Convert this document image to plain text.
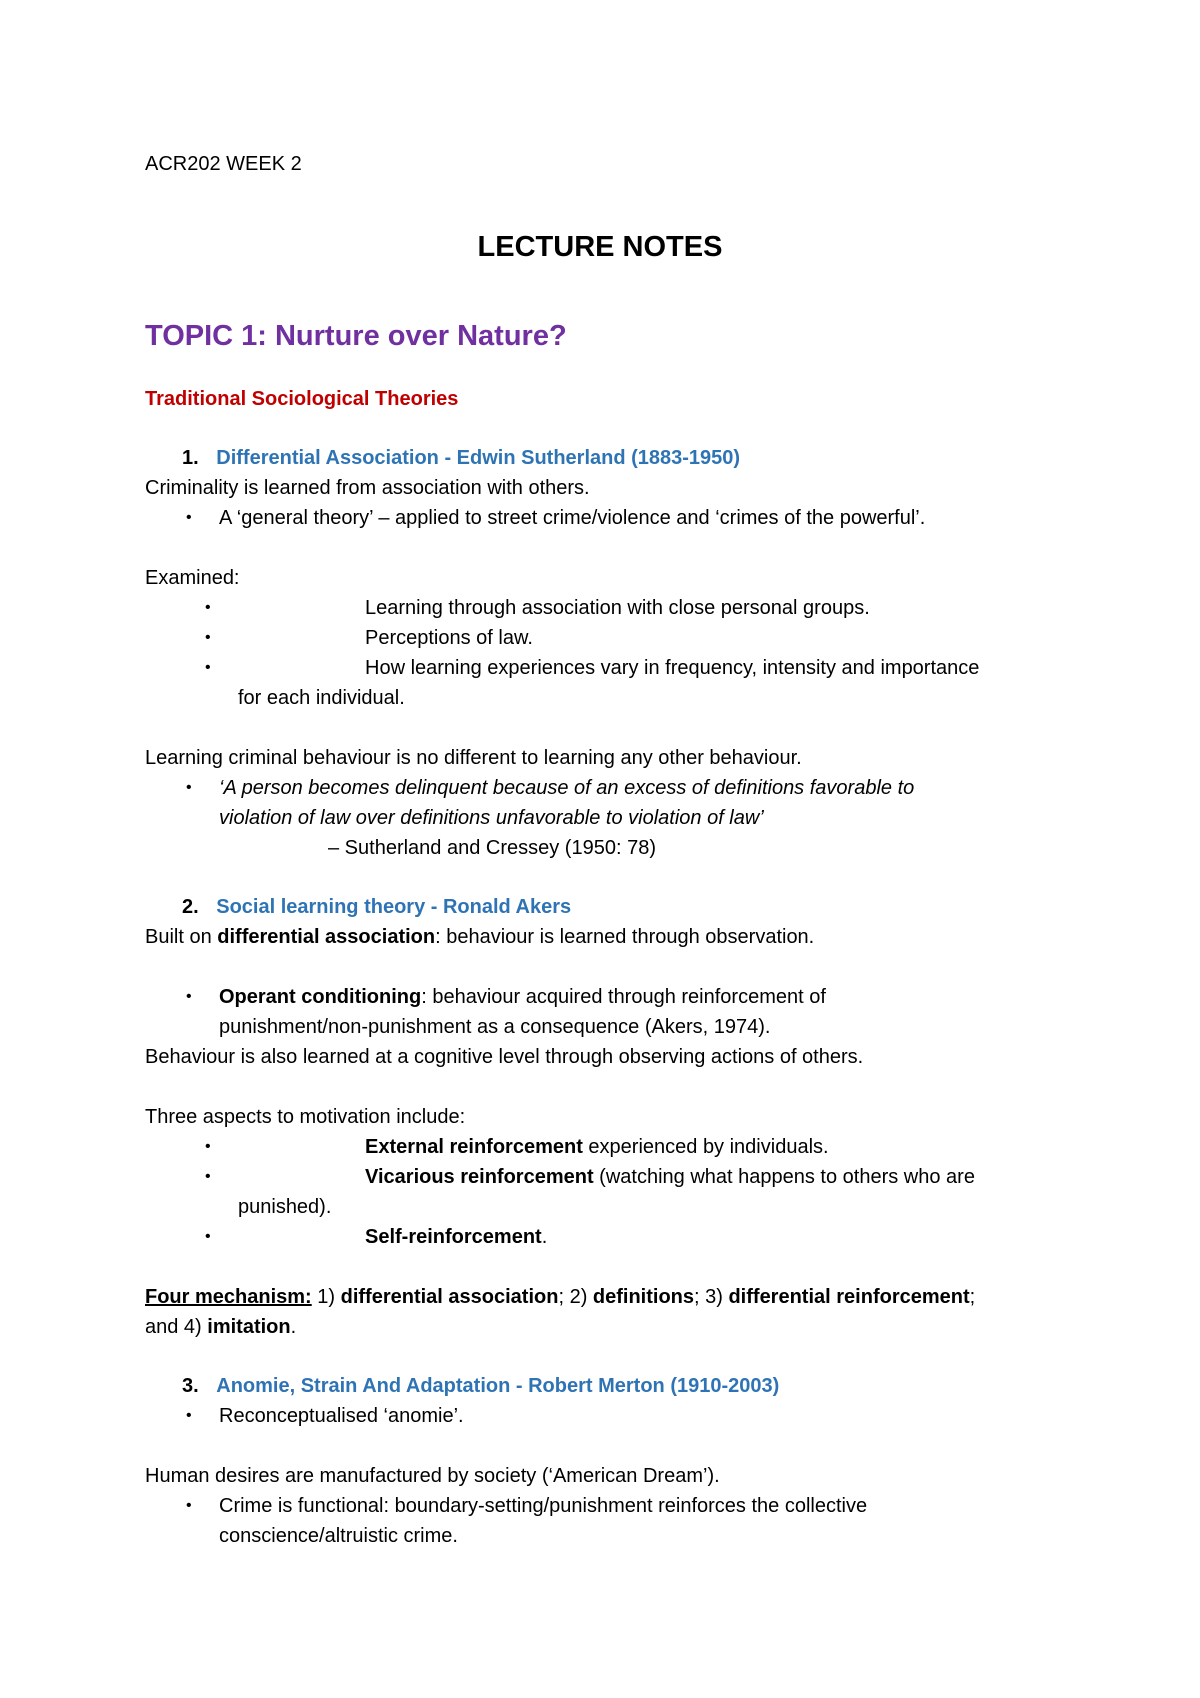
ACR202 WEEK 2
LECTURE NOTES
TOPIC 1: Nurture over Nature?
Traditional Sociological Theories
1. Differential Association - Edwin Sutherland (1883-1950)
Criminality is learned from association with others.
• A ‘general theory’ – applied to street crime/violence and ‘crimes of the powerful’.
Examined:
•	Learning through association with close personal groups.
•	Perceptions of law.
•	How learning experiences vary in frequency, intensity and importance
for each individual.
Learning criminal behaviour is no different to learning any other behaviour.
• ‘A person becomes delinquent because of an excess of definitions favorable to
violation of law over definitions unfavorable to violation of law’
– Sutherland and Cressey (1950: 78)
2. Social learning theory - Ronald Akers
Built on differential association: behaviour is learned through observation.
• Operant conditioning: behaviour acquired through reinforcement of
punishment/non-punishment as a consequence (Akers, 1974).
Behaviour is also learned at a cognitive level through observing actions of others.
Three aspects to motivation include:
•	External reinforcement experienced by individuals.
•	Vicarious reinforcement (watching what happens to others who are
punished).
•	Self-reinforcement.
Four mechanism: 1) differential association; 2) definitions; 3) differential reinforcement;
and 4) imitation.
3. Anomie, Strain And Adaptation - Robert Merton (1910-2003)
• Reconceptualised ‘anomie’.
Human desires are manufactured by society (‘American Dream’).
• Crime is functional: boundary-setting/punishment reinforces the collective
conscience/altruistic crime.
